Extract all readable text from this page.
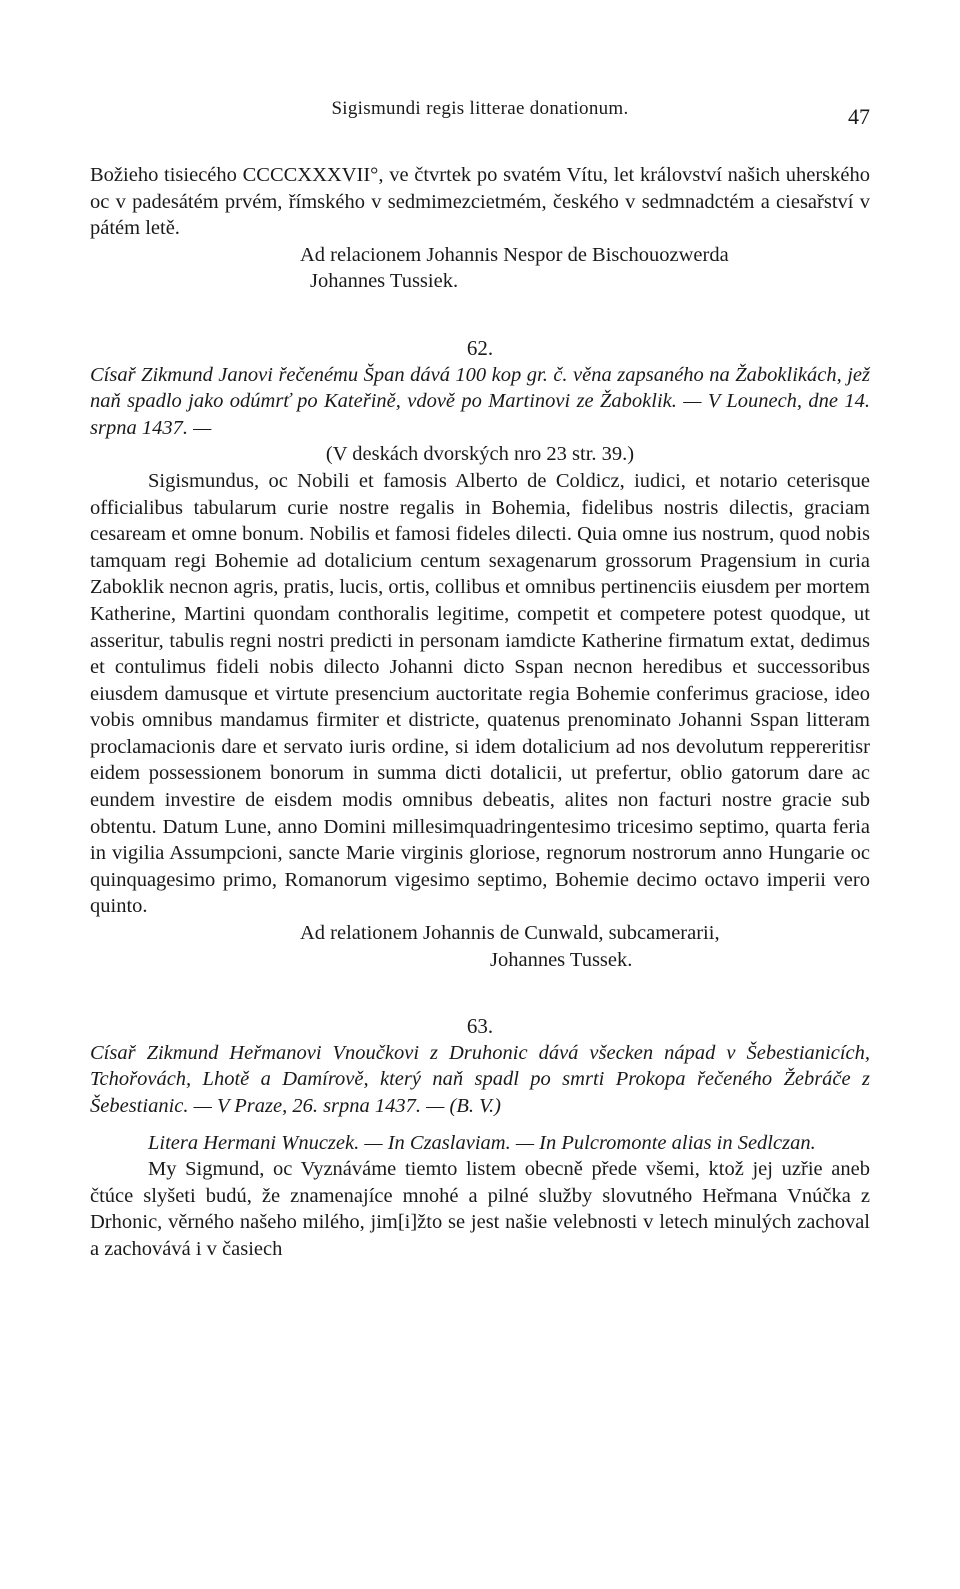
Sigismundi regis litterae donationum.	47

Božieho tisiecého CCCCXXXVII°, ve čtvrtek po svatém Vítu, let království našich uherského oc v padesátém prvém, římského v sedmimezcietmém, českého v sedmnadctém a ciesařství v pátém letě.

Ad relacionem Johannis Nespor de Bischouozwerda
Johannes Tussiek.
62.

Císař Zikmund Janovi řečenému Špan dává 100 kop gr. č. věna zapsaného na Žaboklikách, jež naň spadlo jako odúmrť po Kateřině, vdově po Martinovi ze Žaboklik. — V Lounech, dne 14. srpna 1437. —

(V deskách dvorských nro 23 str. 39.)

Sigismundus, oc Nobili et famosis Alberto de Coldicz, iudici, et notario ceterisque officialibus tabularum curie nostre regalis in Bohemia, fidelibus nostris dilectis, graciam cesaream et omne bonum. Nobilis et famosi fideles dilecti. Quia omne ius nostrum, quod nobis tamquam regi Bohemie ad dotalicium centum sexagenarum grossorum Pragensium in curia Zaboklik necnon agris, pratis, lucis, ortis, collibus et omnibus pertinenciis eiusdem per mortem Katherine, Martini quondam conthoralis legitime, competit et competere potest quodque, ut asseritur, tabulis regni nostri predicti in personam iamdicte Katherine firmatum extat, dedimus et contulimus fideli nobis dilecto Johanni dicto Sspan necnon heredibus et successoribus eiusdem damusque et virtute presencium auctoritate regia Bohemie conferimus graciose, ideo vobis omnibus mandamus firmiter et districte, quatenus prenominato Johanni Sspan litteram proclamacionis dare et servato iuris ordine, si idem dotalicium ad nos devolutum reppereritisr eidem possessionem bonorum in summa dicti dotalicii, ut prefertur, oblio gatorum dare ac eundem investire de eisdem modis omnibus debeatis, alites non facturi nostre gracie sub obtentu. Datum Lune, anno Domini millesimquadringentesimo tricesimo septimo, quarta feria in vigilia Assumpcioni, sancte Marie virginis gloriose, regnorum nostrorum anno Hungarie oc quinquagesimo primo, Romanorum vigesimo septimo, Bohemie decimo octavo imperii vero quinto.

Ad relationem Johannis de Cunwald, subcamerarii,
Johannes Tussek.
63.

Císař Zikmund Heřmanovi Vnoučkovi z Druhonic dává všecken nápad v Šebestianicích, Tchořovách, Lhotě a Damírově, který naň spadl po smrti Prokopa řečeného Žebráče z Šebestianic. — V Praze, 26. srpna 1437. — (B. V.)

Litera Hermani Wnuczek. — In Czaslaviam. — In Pulcromonte alias in Sedlczan.

My Sigmund, oc Vyznáváme tiemto listem obecně přede všemi, ktož jej uzřie aneb čtúce slyšeti budú, že znamenajíce mnohé a pilné služby slovutného Heřmana Vnúčka z Drhonic, věrného našeho milého, jim[i]žto se jest našie velebnosti v letech minulých zachoval a zachovává i v časiech
